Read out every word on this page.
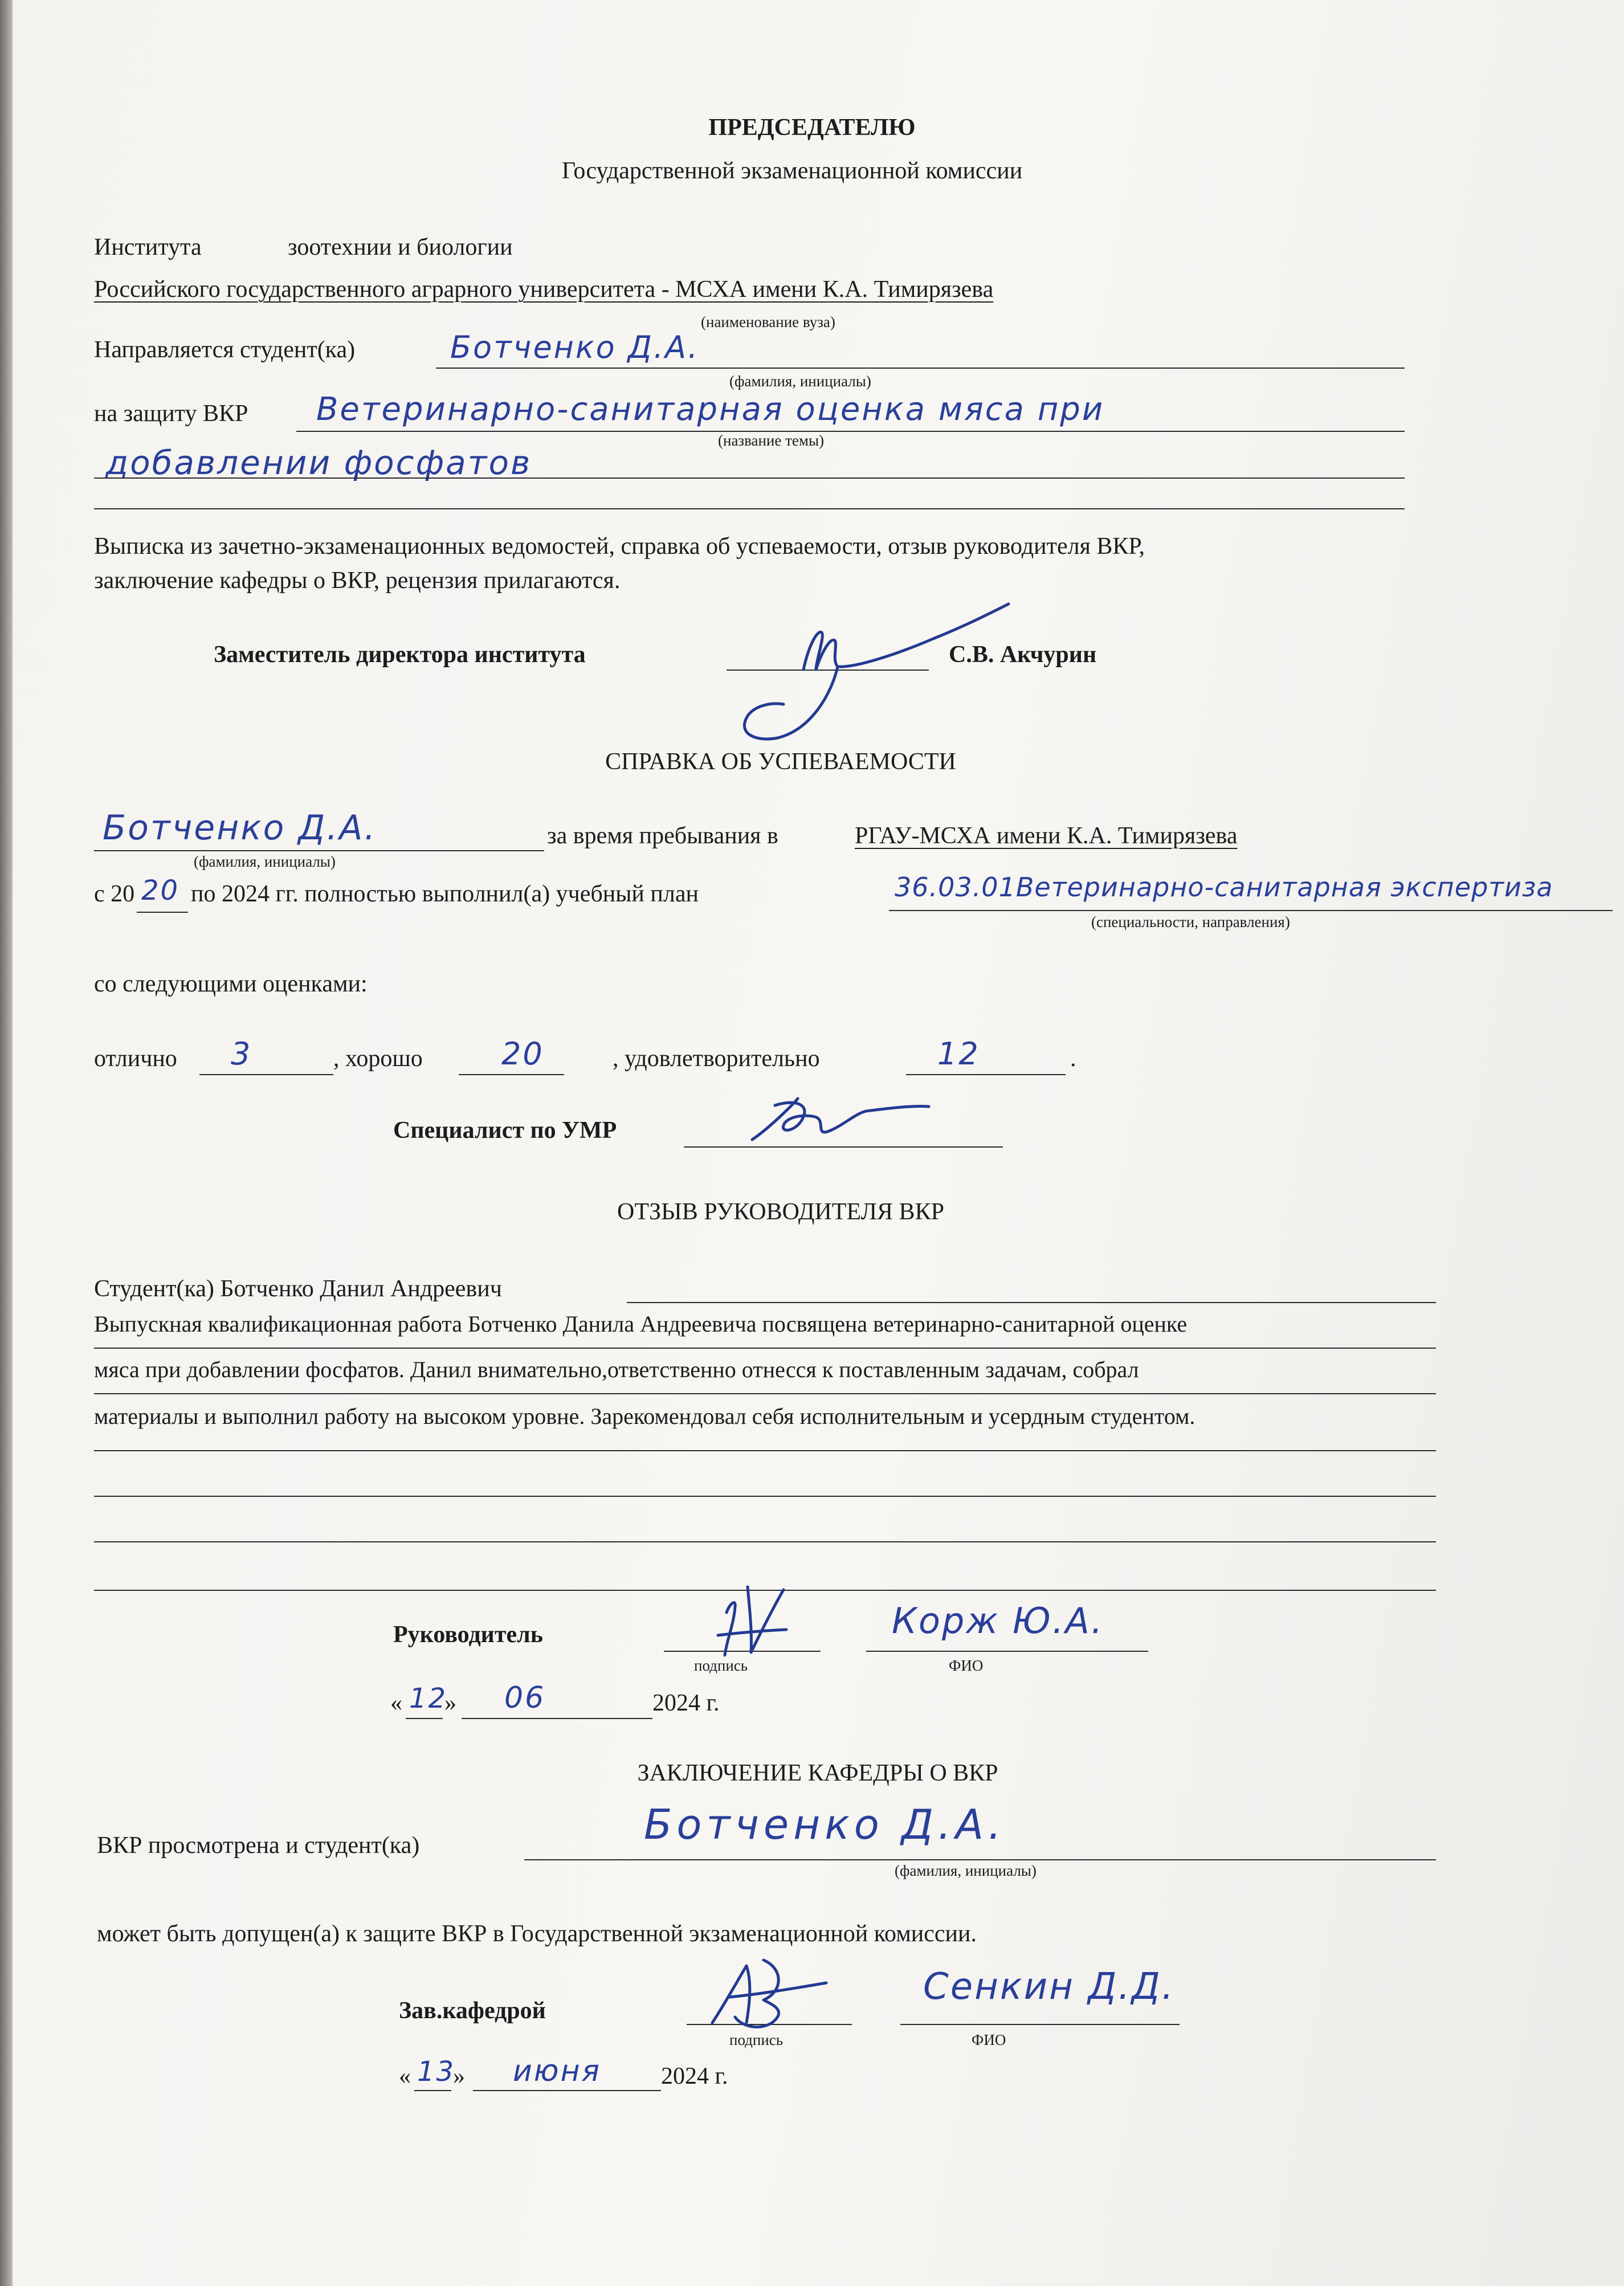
ПРЕДСЕДАТЕЛЮ
Государственной экзаменационной комиссии
Института	зоотехнии и биологии
Российского государственного аграрного университета - МСХА имени К.А. Тимирязева
(наименование вуза)
Направляется студент(ка)	Ботченко Д.А.
(фамилия, инициалы)
на защиту ВКР Ветеринарно-санитарная оценка мяса при
(название темы)
добавлении фосфатов
Выписка из зачетно-экзаменационных ведомостей, справка об успеваемости, отзыв руководителя ВКР,
заключение кафедры о ВКР, рецензия прилагаются.
Заместитель директора института	С.В. Акчурин
СПРАВКА ОБ УСПЕВАЕМОСТИ
Ботченко Д.А.
(фамилия, инициалы)
за время пребывания в	РГАУ-МСХА имени К.А. Тимирязева
с 20 20 по 2024 гг. полностью выполнил(а) учебный план	36.03.01Ветеринарно-санитарная экспертиза
(специальности, направления)
со следующими оценками:
отлично 3	, хорошо	20	, удовлетворительно	12	.
Специалист по УМР
ОТЗЫВ РУКОВОДИТЕЛЯ ВКР
Студент(ка) Ботченко Данил Андреевич
Выпускная квалификационная работа Ботченко Данила Андреевича посвящена ветеринарно-санитарной оценке
мяса при добавлении фосфатов. Данил внимательно,ответственно отнесся к поставленным задачам, собрал
материалы и выполнил работу на высоком уровне. Зарекомендовал себя исполнительным и усердным студентом.
Руководитель
подпись
Корж Ю.А.
ФИО
« 12
» 06	2024 г.
ЗАКЛЮЧЕНИЕ КАФЕДРЫ О ВКР
ВКР просмотрена и студент(ка)	Ботченко Д.А.
(фамилия, инициалы)
может быть допущен(а) к защите ВКР в Государственной экзаменационной комиссии.
Зав.кафедрой
подпись
Сенкин Д.Д.
ФИО
« 13
» июня	2024 г.
